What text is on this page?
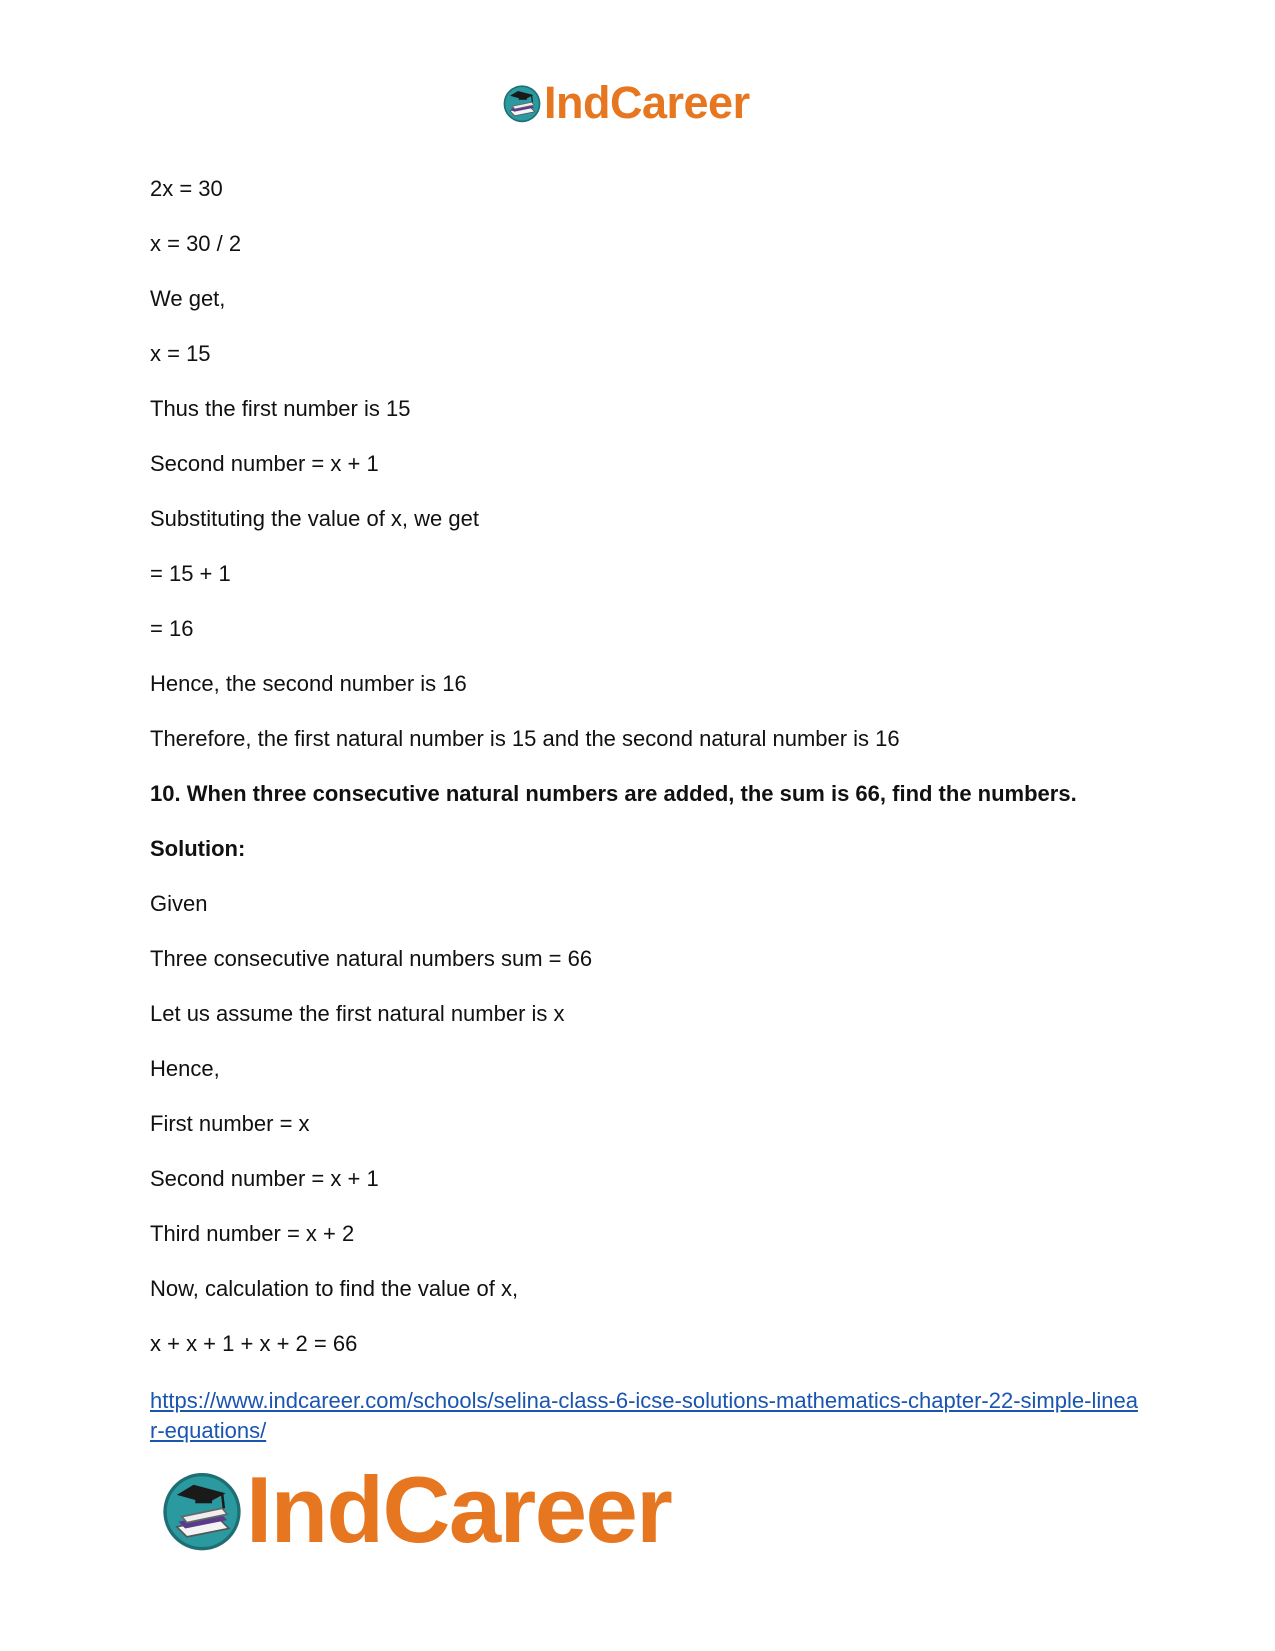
IndCareer

2x = 30

x = 30 / 2

We get,

x = 15

Thus the first number is 15

Second number = x + 1

Substituting the value of x, we get

= 15 + 1

= 16

Hence, the second number is 16

Therefore, the first natural number is 15 and the second natural number is 16

10. When three consecutive natural numbers are added, the sum is 66, find the numbers.

Solution:

Given

Three consecutive natural numbers sum = 66

Let us assume the first natural number is x

Hence,

First number = x

Second number = x + 1

Third number = x + 2

Now, calculation to find the value of x,

x + x + 1 + x + 2 = 66

https://www.indcareer.com/schools/selina-class-6-icse-solutions-mathematics-chapter-22-simple-linear-equations/
IndCareer
